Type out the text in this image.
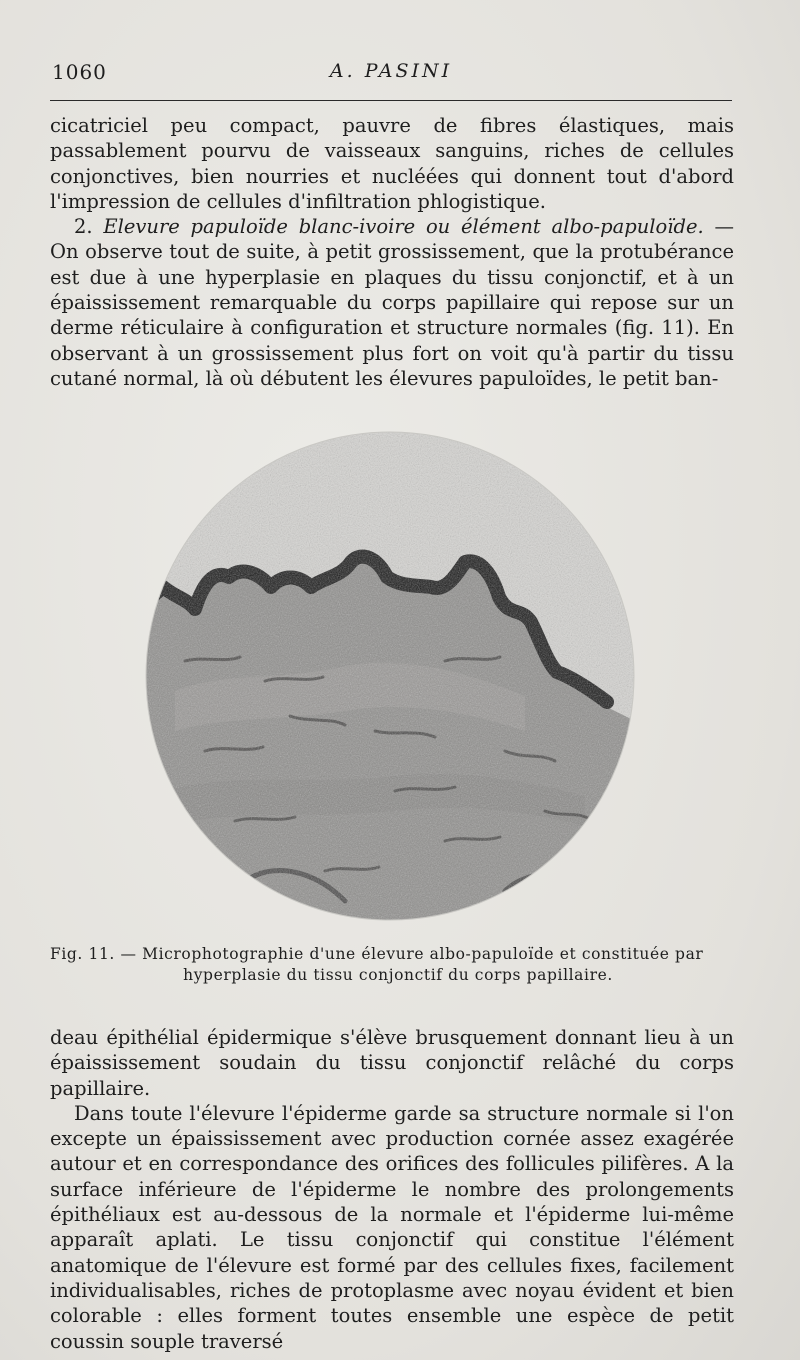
1060	A. PASINI

cicatriciel peu compact, pauvre de fibres élastiques, mais passablement pourvu de vaisseaux sanguins, riches de cellules conjonctives, bien nourries et nucléées qui donnent tout d'abord l'impression de cellules d'infiltration phlogistique.

2. Elevure papuloïde blanc-ivoire ou élément albo-papuloïde. — On observe tout de suite, à petit grossissement, que la protubérance est due à une hyperplasie en plaques du tissu conjonctif, et à un épaississement remarquable du corps papillaire qui repose sur un derme réticulaire à configuration et structure normales (fig. 11). En observant à un grossissement plus fort on voit qu'à partir du tissu cutané normal, là où débutent les élevures papuloïdes, le petit ban-

Fig. 11. — Microphotographie d'une élevure albo-papuloïde et constituée par
hyperplasie du tissu conjonctif du corps papillaire.

deau épithélial épidermique s'élève brusquement donnant lieu à un épaississement soudain du tissu conjonctif relâché du corps papillaire.

Dans toute l'élevure l'épiderme garde sa structure normale si l'on excepte un épaississement avec production cornée assez exagérée autour et en correspondance des orifices des follicules pilifères. A la surface inférieure de l'épiderme le nombre des prolongements épithéliaux est au-dessous de la normale et l'épiderme lui-même apparaît aplati. Le tissu conjonctif qui constitue l'élément anatomique de l'élevure est formé par des cellules fixes, facilement individualisables, riches de protoplasme avec noyau évident et bien colorable : elles forment toutes ensemble une espèce de petit coussin souple traversé
